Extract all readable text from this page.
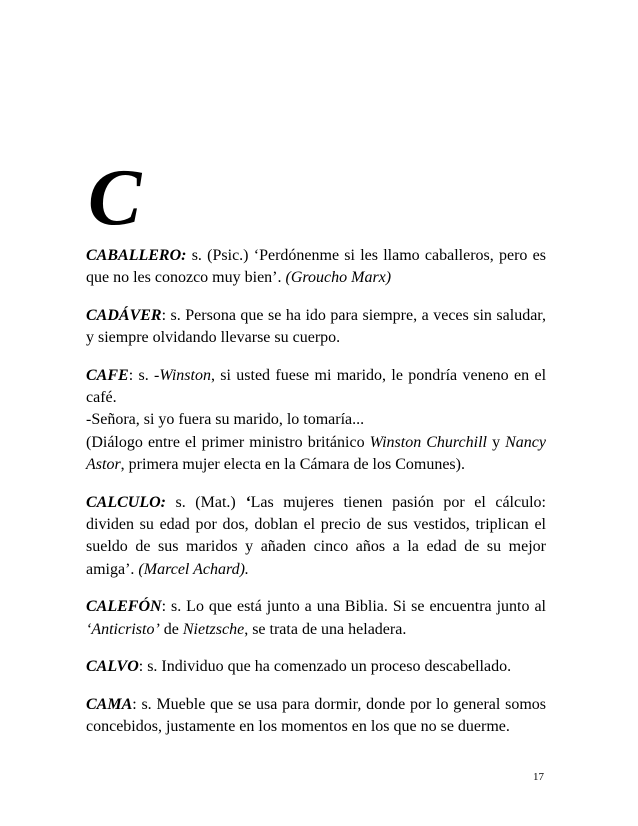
C

CABALLERO: s. (Psic.) ‘Perdónenme si les llamo caballeros, pero es que no les conozco muy bien’. (Groucho Marx)

CADÁVER: s. Persona que se ha ido para siempre, a veces sin saludar, y siempre olvidando llevarse su cuerpo.

CAFE: s. -Winston, si usted fuese mi marido, le pondría veneno en el café.
-Señora, si yo fuera su marido, lo tomaría...
(Diálogo entre el primer ministro británico Winston Churchill y Nancy Astor, primera mujer electa en la Cámara de los Comunes).

CALCULO: s. (Mat.) ‘Las mujeres tienen pasión por el cálculo: dividen su edad por dos, doblan el precio de sus vestidos, triplican el sueldo de sus maridos y añaden cinco años a la edad de su mejor amiga’. (Marcel Achard).

CALEFÓN: s. Lo que está junto a una Biblia. Si se encuentra junto al ‘Anticristo’ de Nietzsche, se trata de una heladera.

CALVO: s. Individuo que ha comenzado un proceso descabellado.

CAMA: s. Mueble que se usa para dormir, donde por lo general somos concebidos, justamente en los momentos en los que no se duerme.

17
